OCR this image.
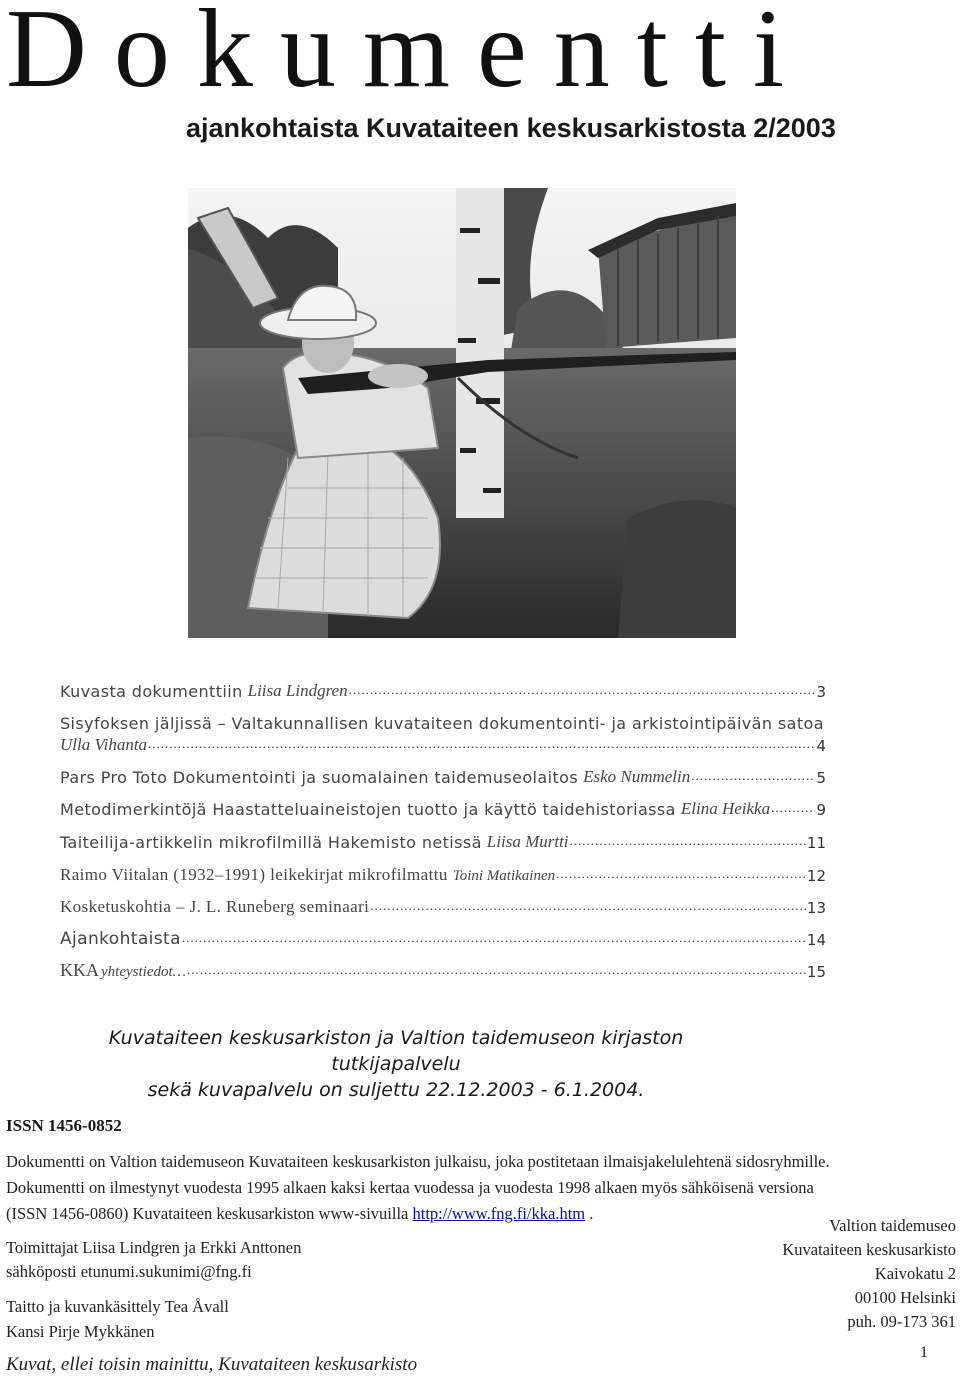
Dokumentti
ajankohtaista Kuvataiteen keskusarkistosta 2/2003
Kuvasta dokumenttiin Liisa Lindgren .....	3
Sisyfoksen jäljissä – Valtakunnallisen kuvataiteen dokumentointi- ja arkistointipäivän satoa
Ulla Vihanta .....	4
Pars Pro Toto Dokumentointi ja suomalainen taidemuseolaitos Esko Nummelin .....	5
Metodimerkintöjä Haastatteluaineistojen tuotto ja käyttö taidehistoriassa Elina Heikka .....	9
Taiteilija-artikkelin mikrofilmillä Hakemisto netissä Liisa Murtti .....	11
Raimo Viitalan (1932–1991) leikekirjat mikrofilmattu Toini Matikainen .....	12
Kosketuskohtia – J. L. Runeberg seminaari .....	13
Ajankohtaista .....	14
KKA yhteystiedot… .....	15
Kuvataiteen keskusarkiston ja Valtion taidemuseon kirjaston tutkijapalvelu
sekä kuvapalvelu on suljettu 22.12.2003 - 6.1.2004.
ISSN 1456-0852
Dokumentti on Valtion taidemuseon Kuvataiteen keskusarkiston julkaisu, joka postitetaan ilmaisjakelulehtenä sidosryhmille.
Dokumentti on ilmestynyt vuodesta 1995 alkaen kaksi kertaa vuodessa ja vuodesta 1998 alkaen myös sähköisenä versiona
(ISSN 1456-0860) Kuvataiteen keskusarkiston www-sivuilla http://www.fng.fi/kka.htm .
Toimittajat Liisa Lindgren ja Erkki Anttonen
sähköposti etunumi.sukunimi@fng.fi
Taitto ja kuvankäsittely Tea Åvall
Kansi Pirje Mykkänen
Valtion taidemuseo
Kuvataiteen keskusarkisto
Kaivokatu 2
00100 Helsinki
puh. 09-173 361
Kuvat, ellei toisin mainittu, Kuvataiteen keskusarkisto
1
